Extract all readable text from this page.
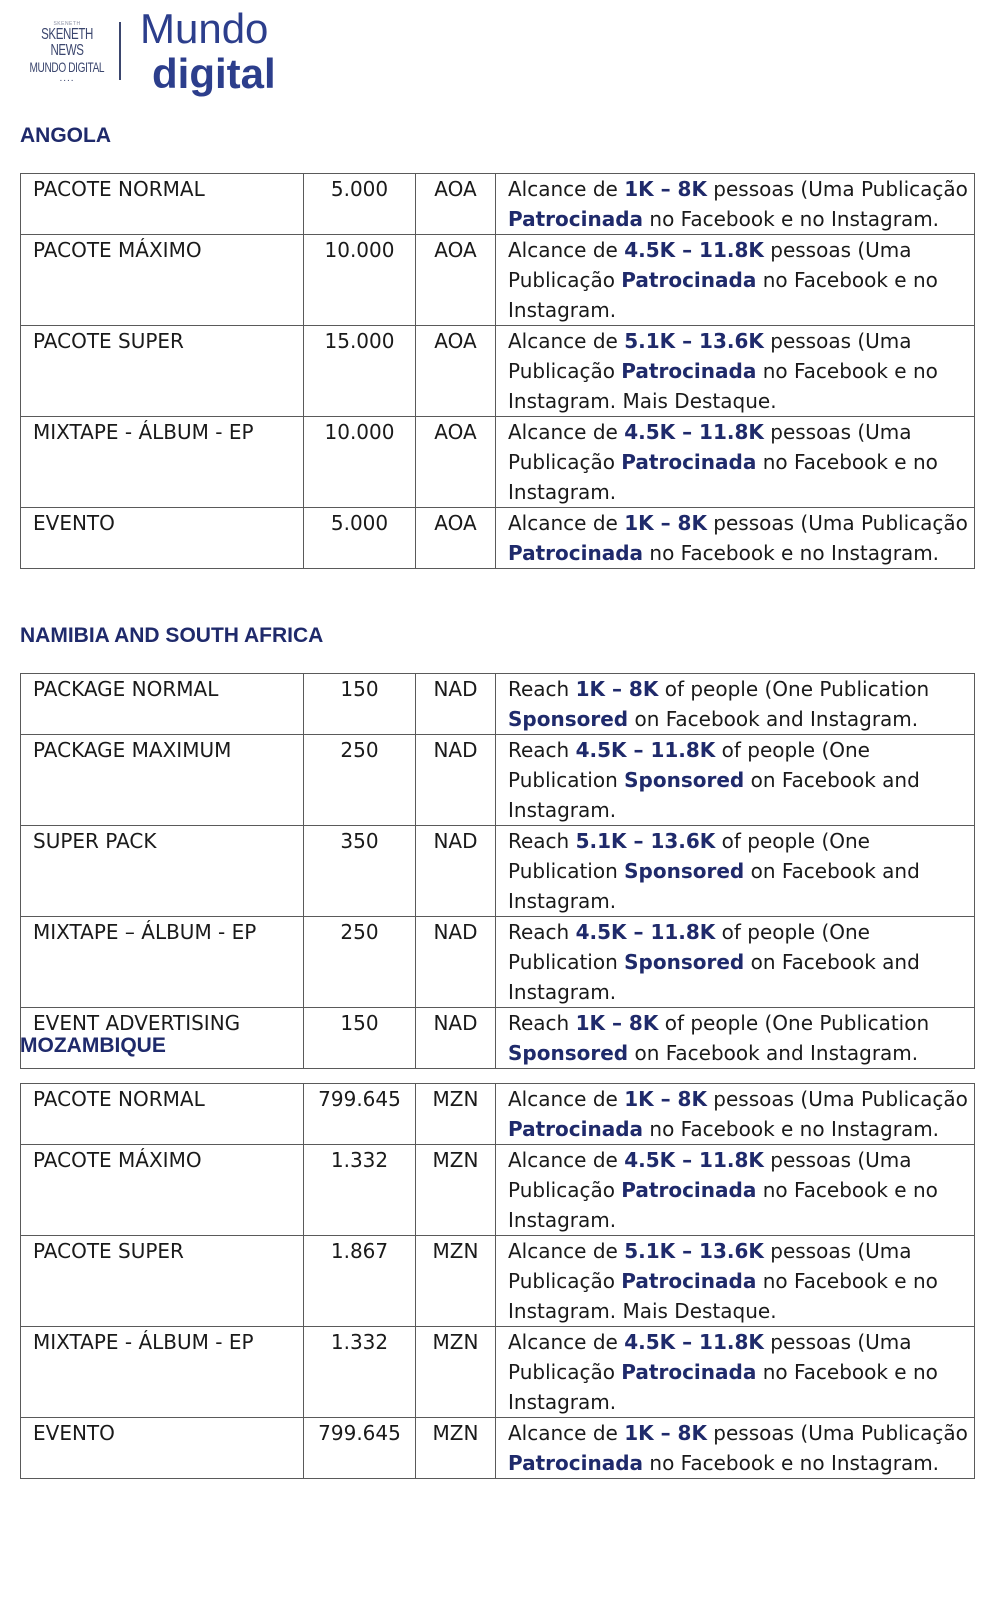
SKENETH
SKENETH
NEWS
MUNDO DIGITAL
....
Mundo
digital
ANGOLA
PACOTE NORMAL	5.000	AOA	Alcance de 1K – 8K pessoas (Uma Publicação Patrocinada no Facebook e no Instagram.
PACOTE MÁXIMO	10.000	AOA	Alcance de 4.5K – 11.8K pessoas (Uma Publicação Patrocinada no Facebook e no Instagram.
PACOTE SUPER	15.000	AOA	Alcance de 5.1K – 13.6K pessoas (Uma Publicação Patrocinada no Facebook e no Instagram. Mais Destaque.
MIXTAPE - ÁLBUM - EP	10.000	AOA	Alcance de 4.5K – 11.8K pessoas (Uma Publicação Patrocinada no Facebook e no Instagram.
EVENTO	5.000	AOA	Alcance de 1K – 8K pessoas (Uma Publicação Patrocinada no Facebook e no Instagram.
NAMIBIA AND SOUTH AFRICA
PACKAGE NORMAL	150	NAD	Reach 1K – 8K of people (One Publication Sponsored on Facebook and Instagram.
PACKAGE MAXIMUM	250	NAD	Reach 4.5K – 11.8K of people (One Publication Sponsored on Facebook and Instagram.
SUPER PACK	350	NAD	Reach 5.1K – 13.6K of people (One Publication Sponsored on Facebook and Instagram.
MIXTAPE – ÁLBUM - EP	250	NAD	Reach 4.5K – 11.8K of people (One Publication Sponsored on Facebook and Instagram.
EVENT ADVERTISING	150	NAD	Reach 1K – 8K of people (One Publication Sponsored on Facebook and Instagram.
MOZAMBIQUE
PACOTE NORMAL	799.645	MZN	Alcance de 1K – 8K pessoas (Uma Publicação Patrocinada no Facebook e no Instagram.
PACOTE MÁXIMO	1.332	MZN	Alcance de 4.5K – 11.8K pessoas (Uma Publicação Patrocinada no Facebook e no Instagram.
PACOTE SUPER	1.867	MZN	Alcance de 5.1K – 13.6K pessoas (Uma Publicação Patrocinada no Facebook e no Instagram. Mais Destaque.
MIXTAPE - ÁLBUM - EP	1.332	MZN	Alcance de 4.5K – 11.8K pessoas (Uma Publicação Patrocinada no Facebook e no Instagram.
EVENTO	799.645	MZN	Alcance de 1K – 8K pessoas (Uma Publicação Patrocinada no Facebook e no Instagram.
